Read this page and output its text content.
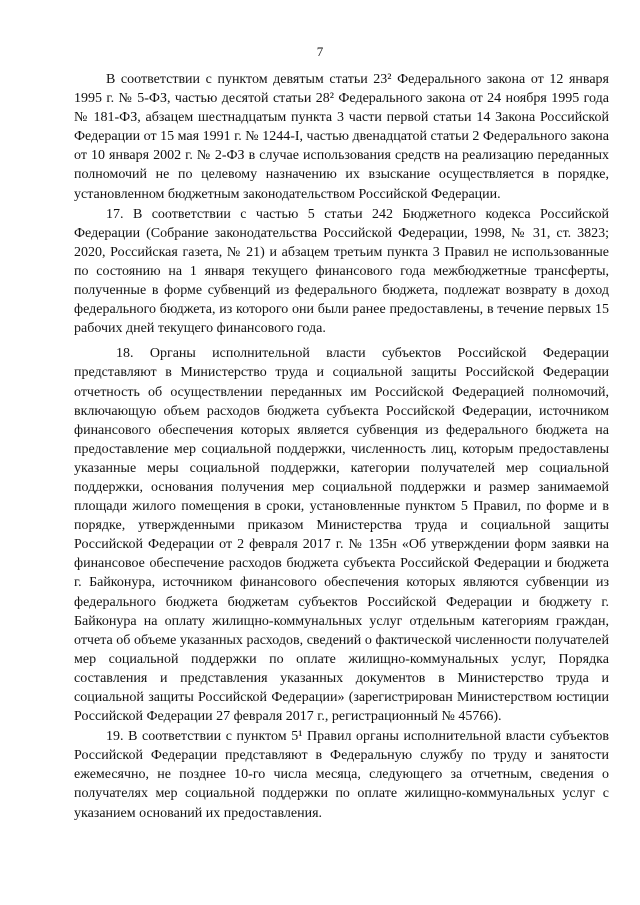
7

В соответствии с пунктом девятым статьи 23² Федерального закона от 12 января 1995 г. № 5-ФЗ, частью десятой статьи 28² Федерального закона от 24 ноября 1995 года № 181-ФЗ, абзацем шестнадцатым пункта 3 части первой статьи 14 Закона Российской Федерации от 15 мая 1991 г. № 1244-I, частью двенадцатой статьи 2 Федерального закона от 10 января 2002 г. № 2-ФЗ в случае использования средств на реализацию переданных полномочий не по целевому назначению их взыскание осуществляется в порядке, установленном бюджетным законодательством Российской Федерации.

17. В соответствии с частью 5 статьи 242 Бюджетного кодекса Российской Федерации (Собрание законодательства Российской Федерации, 1998, № 31, ст. 3823; 2020, Российская газета, № 21) и абзацем третьим пункта 3 Правил не использованные по состоянию на 1 января текущего финансового года межбюджетные трансферты, полученные в форме субвенций из федерального бюджета, подлежат возврату в доход федерального бюджета, из которого они были ранее предоставлены, в течение первых 15 рабочих дней текущего финансового года.

18. Органы исполнительной власти субъектов Российской Федерации представляют в Министерство труда и социальной защиты Российской Федерации отчетность об осуществлении переданных им Российской Федерацией полномочий, включающую объем расходов бюджета субъекта Российской Федерации, источником финансового обеспечения которых является субвенция из федерального бюджета на предоставление мер социальной поддержки, численность лиц, которым предоставлены указанные меры социальной поддержки, категории получателей мер социальной поддержки, основания получения мер социальной поддержки и размер занимаемой площади жилого помещения в сроки, установленные пунктом 5 Правил, по форме и в порядке, утвержденными приказом Министерства труда и социальной защиты Российской Федерации от 2 февраля 2017 г. № 135н «Об утверждении форм заявки на финансовое обеспечение расходов бюджета субъекта Российской Федерации и бюджета г. Байконура, источником финансового обеспечения которых являются субвенции из федерального бюджета бюджетам субъектов Российской Федерации и бюджету г. Байконура на оплату жилищно-коммунальных услуг отдельным категориям граждан, отчета об объеме указанных расходов, сведений о фактической численности получателей мер социальной поддержки по оплате жилищно-коммунальных услуг, Порядка составления и представления указанных документов в Министерство труда и социальной защиты Российской Федерации» (зарегистрирован Министерством юстиции Российской Федерации 27 февраля 2017 г., регистрационный № 45766).

19. В соответствии с пунктом 5¹ Правил органы исполнительной власти субъектов Российской Федерации представляют в Федеральную службу по труду и занятости ежемесячно, не позднее 10-го числа месяца, следующего за отчетным, сведения о получателях мер социальной поддержки по оплате жилищно-коммунальных услуг с указанием оснований их предоставления.
